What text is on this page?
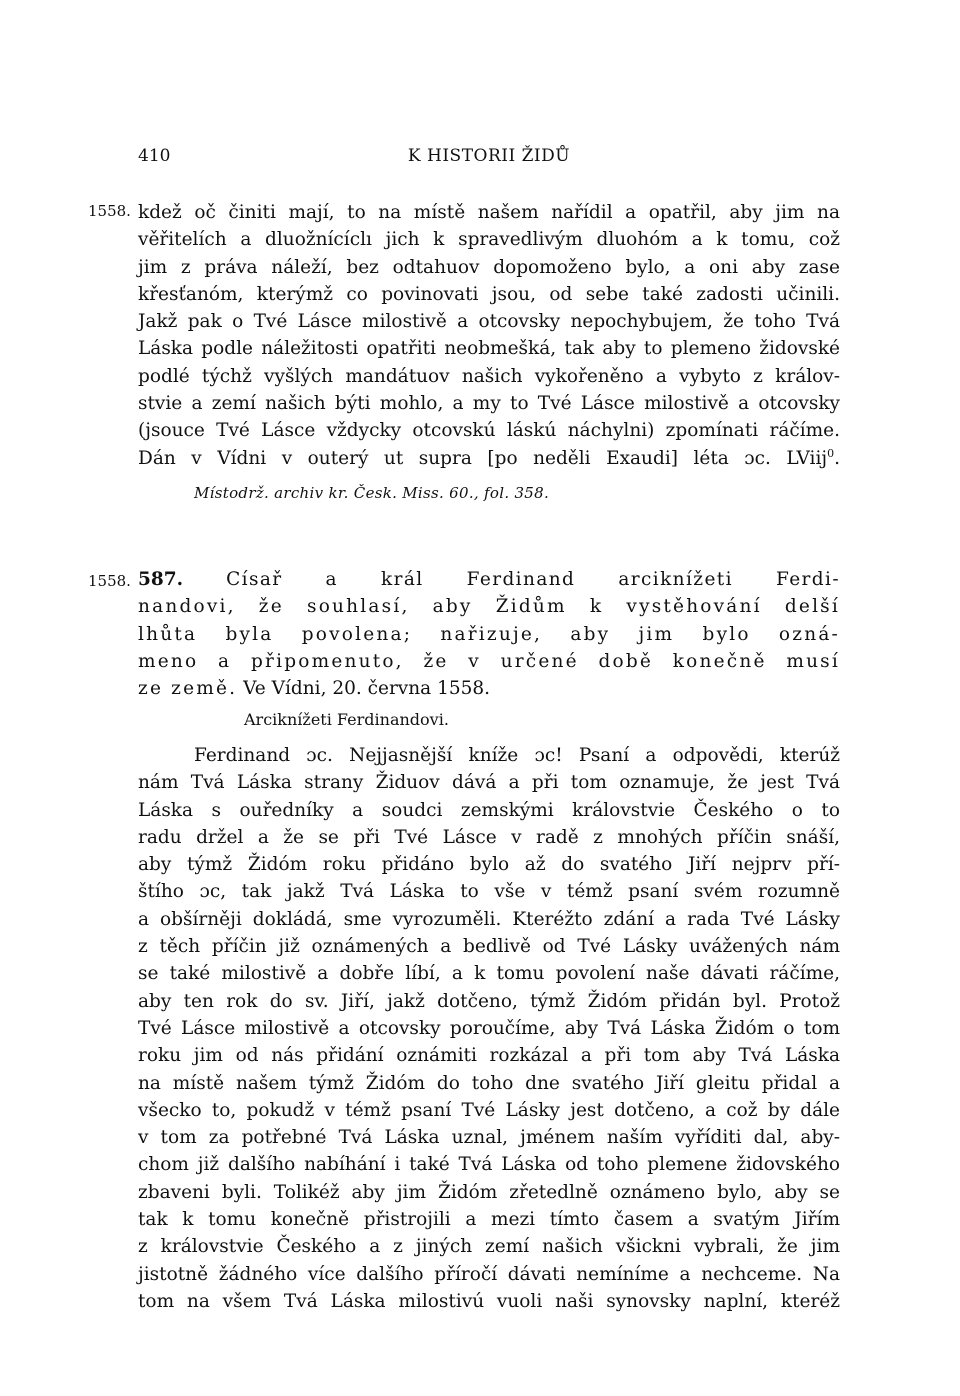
410	K HISTORII ŽIDŮ
1558. kdež oč činiti mají, to na místě našem nařídil a opatřil, aby jim na
věřitelích a dluožnícíclı jich k spravedlivým dluohóm a k tomu, což
jim z práva náleží, bez odtahuov dopomoženo bylo, a oni aby zase
křesťanóm, kterýmž co povinovati jsou, od sebe také zadosti učinili.
Jakž pak o Tvé Lásce milostivě a otcovsky nepochybujem, že toho Tvá
Láska podle náležitosti opatřiti neobmešká, tak aby to plemeno židovské
podlé týchž vyšlých mandátuov našich vykořeněno a vybyto z králov-
stvie a zemí našich býti mohlo, a my to Tvé Lásce milostivě a otcovsky
(jsouce Tvé Lásce vždycky otcovskú láskú náchylni) zpomínati ráčíme.
Dán v Vídni v outerý ut supra [po neděli Exaudi] léta ɔc. LViij$^0$.
Místodrž. archiv kr. Česk. Miss. 60., fol. 358.
1558. 587. Císař a král Ferdinand arciknížeti Ferdi-
nandovi, že souhlasí, aby Židům k vystěhování delší
lhůta byla povolena; nařizuje, aby jim bylo ozná-
meno a připomenuto, že v určené době konečně musí
ze země. Ve Vídni, 20. června 1558.
Arciknížeti Ferdinandovi.
Ferdinand ɔc. Nejjasnější kníže ɔc! Psaní a odpovědi, kterúž
nám Tvá Láska strany Židuov dává a při tom oznamuje, že jest Tvá
Láska s ouředníky a soudci zemskými královstvie Českého o to
radu držel a že se při Tvé Lásce v radě z mnohých příčin snáší,
aby týmž Židóm roku přidáno bylo až do svatého Jiří nejprv pří-
štího ɔc, tak jakž Tvá Láska to vše v témž psaní svém rozumně
a obšírněji dokládá, sme vyrozuměli. Kteréžto zdání a rada Tvé Lásky
z těch příčin již oznámených a bedlivě od Tvé Lásky uvážených nám
se také milostivě a dobře líbí, a k tomu povolení naše dávati ráčíme,
aby ten rok do sv. Jiří, jakž dotčeno, týmž Židóm přidán byl. Protož
Tvé Lásce milostivě a otcovsky poroučíme, aby Tvá Láska Židóm o tom
roku jim od nás přidání oznámiti rozkázal a při tom aby Tvá Láska
na místě našem týmž Židóm do toho dne svatého Jiří gleitu přidal a
všecko to, pokudž v témž psaní Tvé Lásky jest dotčeno, a což by dále
v tom za potřebné Tvá Láska uznal, jménem naším vyříditi dal, aby-
chom již dalšího nabíhání i také Tvá Láska od toho plemene židovského
zbaveni byli. Tolikéž aby jim Židóm zřetedlně oznámeno bylo, aby se
tak k tomu konečně přistrojili a mezi tímto časem a svatým Jiřím
z královstvie Českého a z jiných zemí našich všickni vybrali, že jim
jistotně žádného více dalšího příročí dávati nemíníme a nechceme. Na
tom na všem Tvá Láska milostivú vuoli naši synovsky naplní, kteréž
